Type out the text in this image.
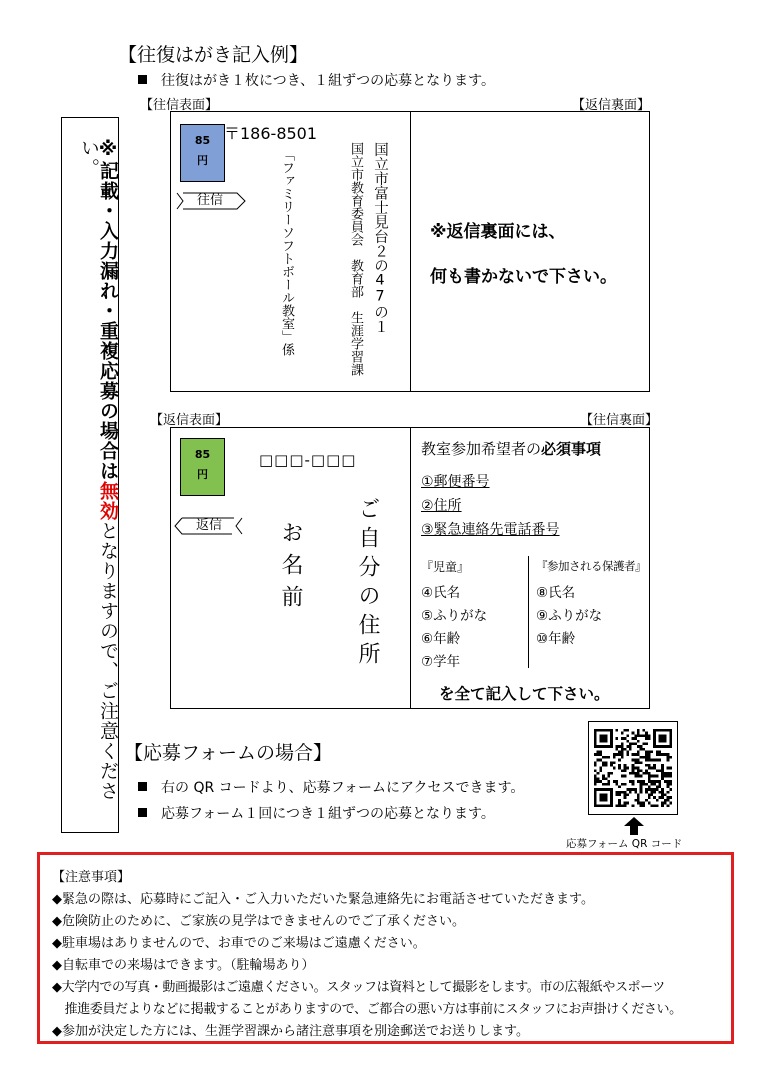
【往復はがき記入例】
往復はがき１枚につき、１組ずつの応募となります。
【往信表面】	【返信裏面】
85
円
往信
〒186-8501
国立市富士見台２の47の１
国立市教育委員会　教育部　生涯学習課
「ファミリーソフトボール教室」係	※返信裏面には、
何も書かないで下さい。
【返信表面】	【往信裏面】
85
円
返信
□□□-□□□
ご自分の住所
お名前
教室参加希望者の必須事項
①郵便番号
②住所
③緊急連絡先電話番号
『児童』
④氏名
⑤ふりがな
⑥年齢
⑦学年
『参加される保護者』
⑧氏名
⑨ふりがな
⑩年齢
を全て記入して下さい。
※記載・入力漏れ・重複応募の場合は無効となりますので、ご注意ください。
【応募フォームの場合】
右の QR コードより、応募フォームにアクセスできます。
応募フォーム１回につき１組ずつの応募となります。
応募フォーム QR コード
【注意事項】
◆緊急の際は、応募時にご記入・ご入力いただいた緊急連絡先にお電話させていただきます。
◆危険防止のために、ご家族の見学はできませんのでご了承ください。
◆駐車場はありませんので、お車でのご来場はご遠慮ください。
◆自転車での来場はできます。（駐輪場あり）
◆大学内での写真・動画撮影はご遠慮ください。スタッフは資料として撮影をします。市の広報紙やスポーツ
　推進委員だよりなどに掲載することがありますので、ご都合の悪い方は事前にスタッフにお声掛けください。
◆参加が決定した方には、生涯学習課から諸注意事項を別途郵送でお送りします。
